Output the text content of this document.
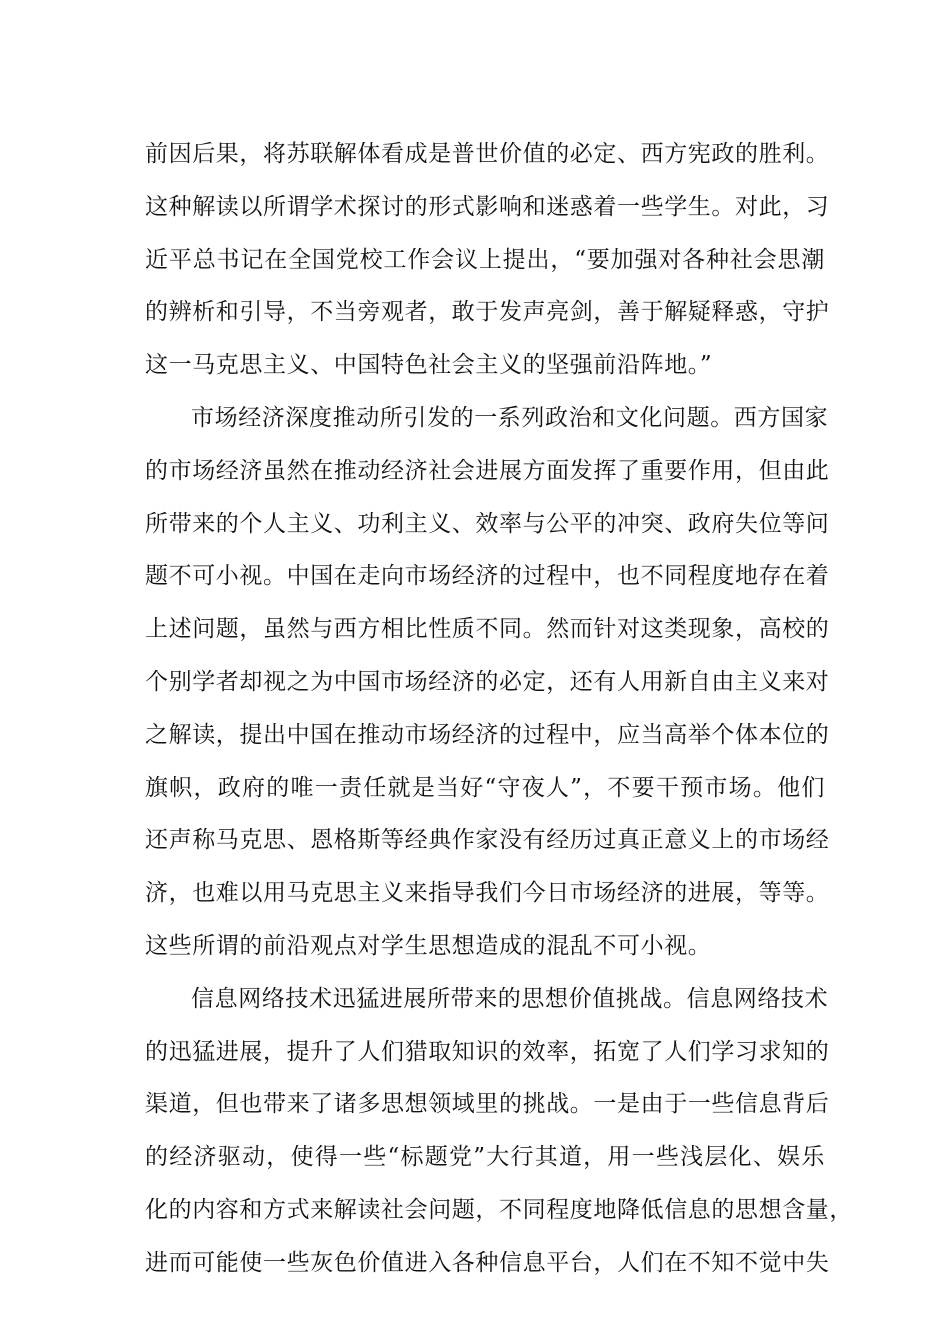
前因后果，将苏联解体看成是普世价值的必定、西方宪政的胜利。
这种解读以所谓学术探讨的形式影响和迷惑着一些学生。对此，习
近平总书记在全国党校工作会议上提出，“要加强对各种社会思潮
的辨析和引导，不当旁观者，敢于发声亮剑，善于解疑释惑，守护
这一马克思主义、中国特色社会主义的坚强前沿阵地。”
市场经济深度推动所引发的一系列政治和文化问题。西方国家
的市场经济虽然在推动经济社会进展方面发挥了重要作用，但由此
所带来的个人主义、功利主义、效率与公平的冲突、政府失位等问
题不可小视。中国在走向市场经济的过程中，也不同程度地存在着
上述问题，虽然与西方相比性质不同。然而针对这类现象，高校的
个别学者却视之为中国市场经济的必定，还有人用新自由主义来对
之解读，提出中国在推动市场经济的过程中，应当高举个体本位的
旗帜，政府的唯一责任就是当好“守夜人”，不要干预市场。他们
还声称马克思、恩格斯等经典作家没有经历过真正意义上的市场经
济，也难以用马克思主义来指导我们今日市场经济的进展，等等。
这些所谓的前沿观点对学生思想造成的混乱不可小视。
信息网络技术迅猛进展所带来的思想价值挑战。信息网络技术
的迅猛进展，提升了人们猎取知识的效率，拓宽了人们学习求知的
渠道，但也带来了诸多思想领域里的挑战。一是由于一些信息背后
的经济驱动，使得一些“标题党”大行其道，用一些浅层化、娱乐
化的内容和方式来解读社会问题，不同程度地降低信息的思想含量，
进而可能使一些灰色价值进入各种信息平台，人们在不知不觉中失
